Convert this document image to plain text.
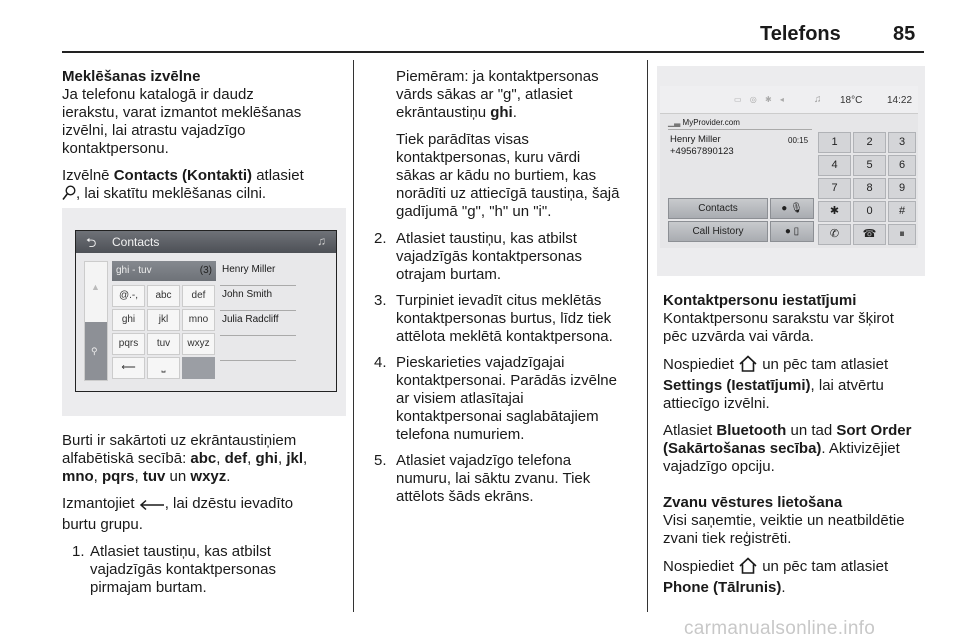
Telefons	85
Meklēšanas izvēlne

Ja telefonu katalogā ir daudz
ierakstu, varat izmantot meklēšanas
izvēlni, lai atrastu vajadzīgo
kontaktpersonu.

Izvēlnē Contacts (Kontakti) atlasiet
, lai skatītu meklēšanas cilni.

⮌ Contacts	♫
▲
⚲
ghi - tuv	(3)
@.-,	abc	def
ghi	jkl	mno
pqrs	tuv	wxyz
⟵	⎵
Henry Miller
John Smith
Julia Radcliff

Burti ir sakārtoti uz ekrāntaustiņiem
alfabētiskā secībā: abc, def, ghi, jkl,
mno, pqrs, tuv un wxyz.

Izmantojiet , lai dzēstu ievadīto
burtu grupu.

1. Atlasiet taustiņu, kas atbilst
vajadzīgās kontaktpersonas
pirmajam burtam.

Piemēram: ja kontaktpersonas
vārds sākas ar "g", atlasiet
ekrāntaustiņu ghi.

Tiek parādītas visas
kontaktpersonas, kuru vārdi
sākas ar kādu no burtiem, kas
norādīti uz attiecīgā taustiņa, šajā
gadījumā "g", "h" un "i".

2. Atlasiet taustiņu, kas atbilst
vajadzīgās kontaktpersonas
otrajam burtam.
3. Turpiniet ievadīt citus meklētās
kontaktpersonas burtus, līdz tiek
attēlota meklētā kontaktpersona.
4. Pieskarieties vajadzīgajai
kontaktpersonai. Parādās izvēlne
ar visiem atlasītajai
kontaktpersonai saglabātajiem
telefona numuriem.
5. Atlasiet vajadzīgo telefona
numuru, lai sāktu zvanu. Tiek
attēlots šāds ekrāns.
▭ ◎ ✱ ◂	♫ 18°C 14:22
▁▃ MyProvider.com
Henry Miller
+49567890123
00:15
Contacts
Call History
● 🎙
● ▯
1	2	3
4	5	6
7	8	9
✱	0	#
✆	☎	⏸
Kontaktpersonu iestatījumi

Kontaktpersonu sarakstu var šķirot
pēc uzvārda vai vārda.

Nospiediet  un pēc tam atlasiet
Settings (Iestatījumi), lai atvērtu
attiecīgo izvēlni.

Atlasiet Bluetooth un tad Sort Order
(Sakārtošanas secība). Aktivizējiet
vajadzīgo opciju.

Zvanu vēstures lietošana

Visi saņemtie, veiktie un neatbildētie
zvani tiek reģistrēti.

Nospiediet  un pēc tam atlasiet
Phone (Tālrunis).

carmanualsonline.info
